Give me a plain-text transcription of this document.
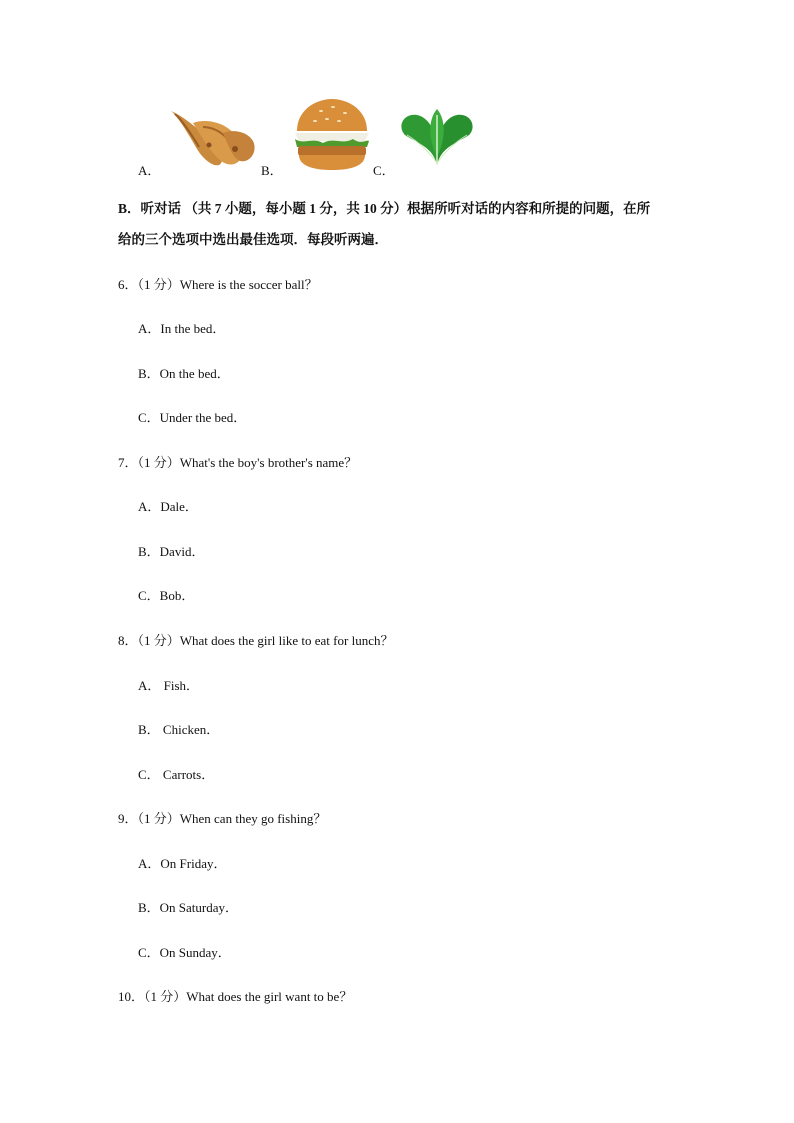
A．	B．	C．
B．听对话 （共 7 小题，每小题 1 分，共 10 分）根据所听对话的内容和所提的问题，在所
给的三个选项中选出最佳选项．每段听两遍．
6．（1 分）Where is the soccer ball？
A．In the bed．
B．On the bed．
C．Under the bed．
7．（1 分）What's the boy's brother's name？
A．Dale．
B．David．
C．Bob．
8．（1 分）What does the girl like to eat for lunch？
A． Fish．
B． Chicken．
C． Carrots．
9．（1 分）When can they go fishing？
A．On Friday．
B．On Saturday．
C．On Sunday．
10．（1 分）What does the girl want to be？
